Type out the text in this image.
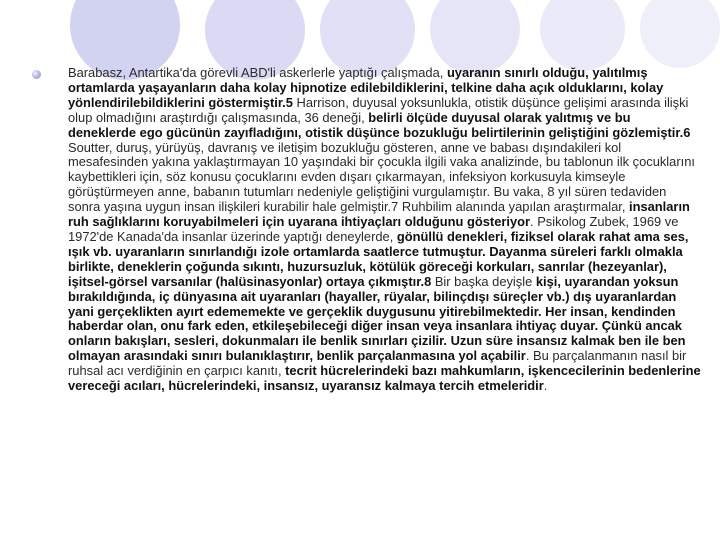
Barabasz, Antartika'da görevli ABD'li askerlerle yaptığı çalışmada, uyaranın sınırlı olduğu, yalıtılmış ortamlarda yaşayanların daha kolay hipnotize edilebildiklerini, telkine daha açık olduklarını, kolay yönlendirilebildiklerini göstermiştir.5 Harrison, duyusal yoksunlukla, otistik düşünce gelişimi arasında ilişki olup olmadığını araştırdığı çalışmasında, 36 deneği, belirli ölçüde duyusal olarak yalıtmış ve bu deneklerde ego gücünün zayıfladığını, otistik düşünce bozukluğu belirtilerinin geliştiğini gözlemiştir.6 Soutter, duruş, yürüyüş, davranış ve iletişim bozukluğu gösteren, anne ve babası dışındakileri kol mesafesinden yakına yaklaştırmayan 10 yaşındaki bir çocukla ilgili vaka analizinde, bu tablonun ilk çocuklarını kaybettikleri için, söz konusu çocuklarını evden dışarı çıkarmayan, infeksiyon korkusuyla kimseyle görüştürmeyen anne, babanın tutumları nedeniyle geliştiğini vurgulamıştır. Bu vaka, 8 yıl süren tedaviden sonra yaşına uygun insan ilişkileri kurabilir hale gelmiştir.7 Ruhbilim alanında yapılan araştırmalar, insanların ruh sağlıklarını koruyabilmeleri için uyarana ihtiyaçları olduğunu gösteriyor. Psikolog Zubek, 1969 ve 1972'de Kanada'da insanlar üzerinde yaptığı deneylerde, gönüllü denekleri, fiziksel olarak rahat ama ses, ışık vb. uyaranların sınırlandığı izole ortamlarda saatlerce tutmuştur. Dayanma süreleri farklı olmakla birlikte, deneklerin çoğunda sıkıntı, huzursuzluk, kötülük göreceği korkuları, sanrılar (hezeyanlar), işitsel-görsel varsanılar (halüsinasyonlar) ortaya çıkmıştır.8 Bir başka deyişle kişi, uyarandan yoksun bırakıldığında, iç dünyasına ait uyaranları (hayaller, rüyalar, bilinçdışı süreçler vb.) dış uyaranlardan yani gerçeklikten ayırt edememekte ve gerçeklik duygusunu yitirebilmektedir. Her insan, kendinden haberdar olan, onu fark eden, etkileşebileceği diğer insan veya insanlara ihtiyaç duyar. Çünkü ancak onların bakışları, sesleri, dokunmaları ile benlik sınırları çizilir. Uzun süre insansız kalmak ben ile ben olmayan arasındaki sınırı bulanıklaştırır, benlik parçalanmasına yol açabilir. Bu parçalanmanın nasıl bir ruhsal acı verdiğinin en çarpıcı kanıtı, tecrit hücrelerindeki bazı mahkumların, işkencecilerinin bedenlerine vereceği acıları, hücrelerindeki, insansız, uyaransız kalmaya tercih etmeleridir.
